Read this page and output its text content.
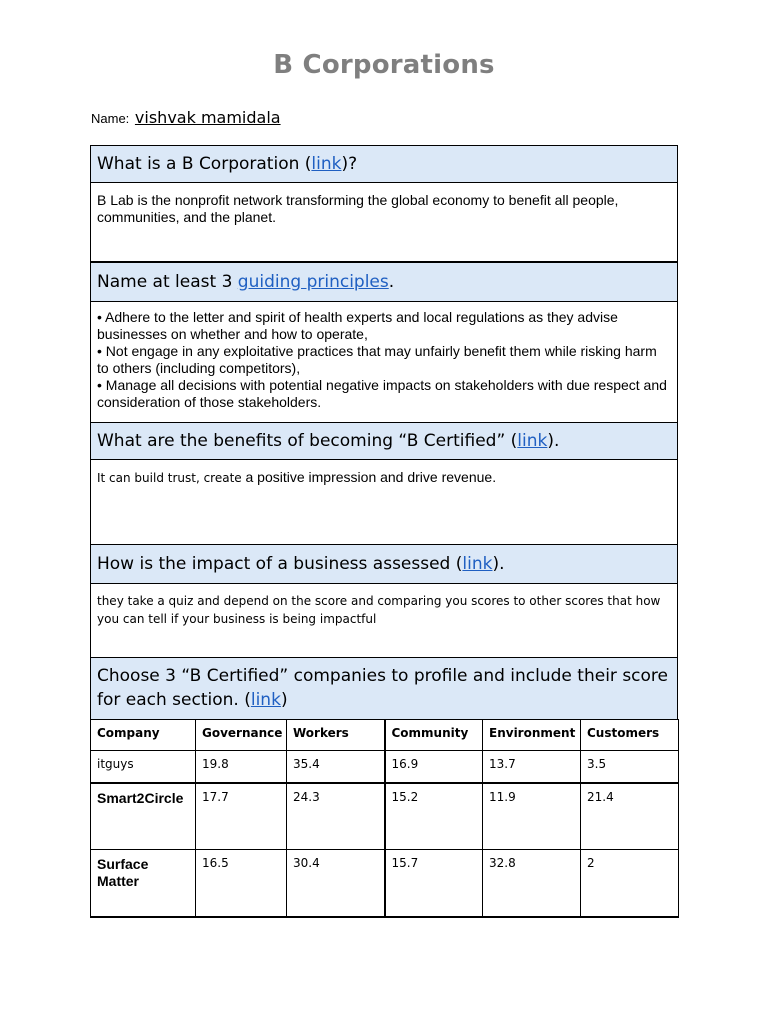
B Corporations
Name: vishvak mamidala
What is a B Corporation (link)?
B Lab is the nonprofit network transforming the global economy to benefit all people, communities, and the planet.
Name at least 3 guiding principles.
• Adhere to the letter and spirit of health experts and local regulations as they advise businesses on whether and how to operate,
• Not engage in any exploitative practices that may unfairly benefit them while risking harm to others (including competitors),
• Manage all decisions with potential negative impacts on stakeholders with due respect and consideration of those stakeholders.
What are the benefits of becoming “B Certified” (link).
It can build trust, create a positive impression and drive revenue.
How is the impact of a business assessed (link).
they take a quiz and depend on the score and comparing you scores to other scores that how you can tell if your business is being impactful
Choose 3 “B Certified” companies to profile and include their score for each section. (link)
Company	Governance	Workers	Community	Environment	Customers
itguys	19.8	35.4	16.9	13.7	3.5
Smart2Circle	17.7	24.3	15.2	11.9	21.4
Surface Matter	16.5	30.4	15.7	32.8	2
